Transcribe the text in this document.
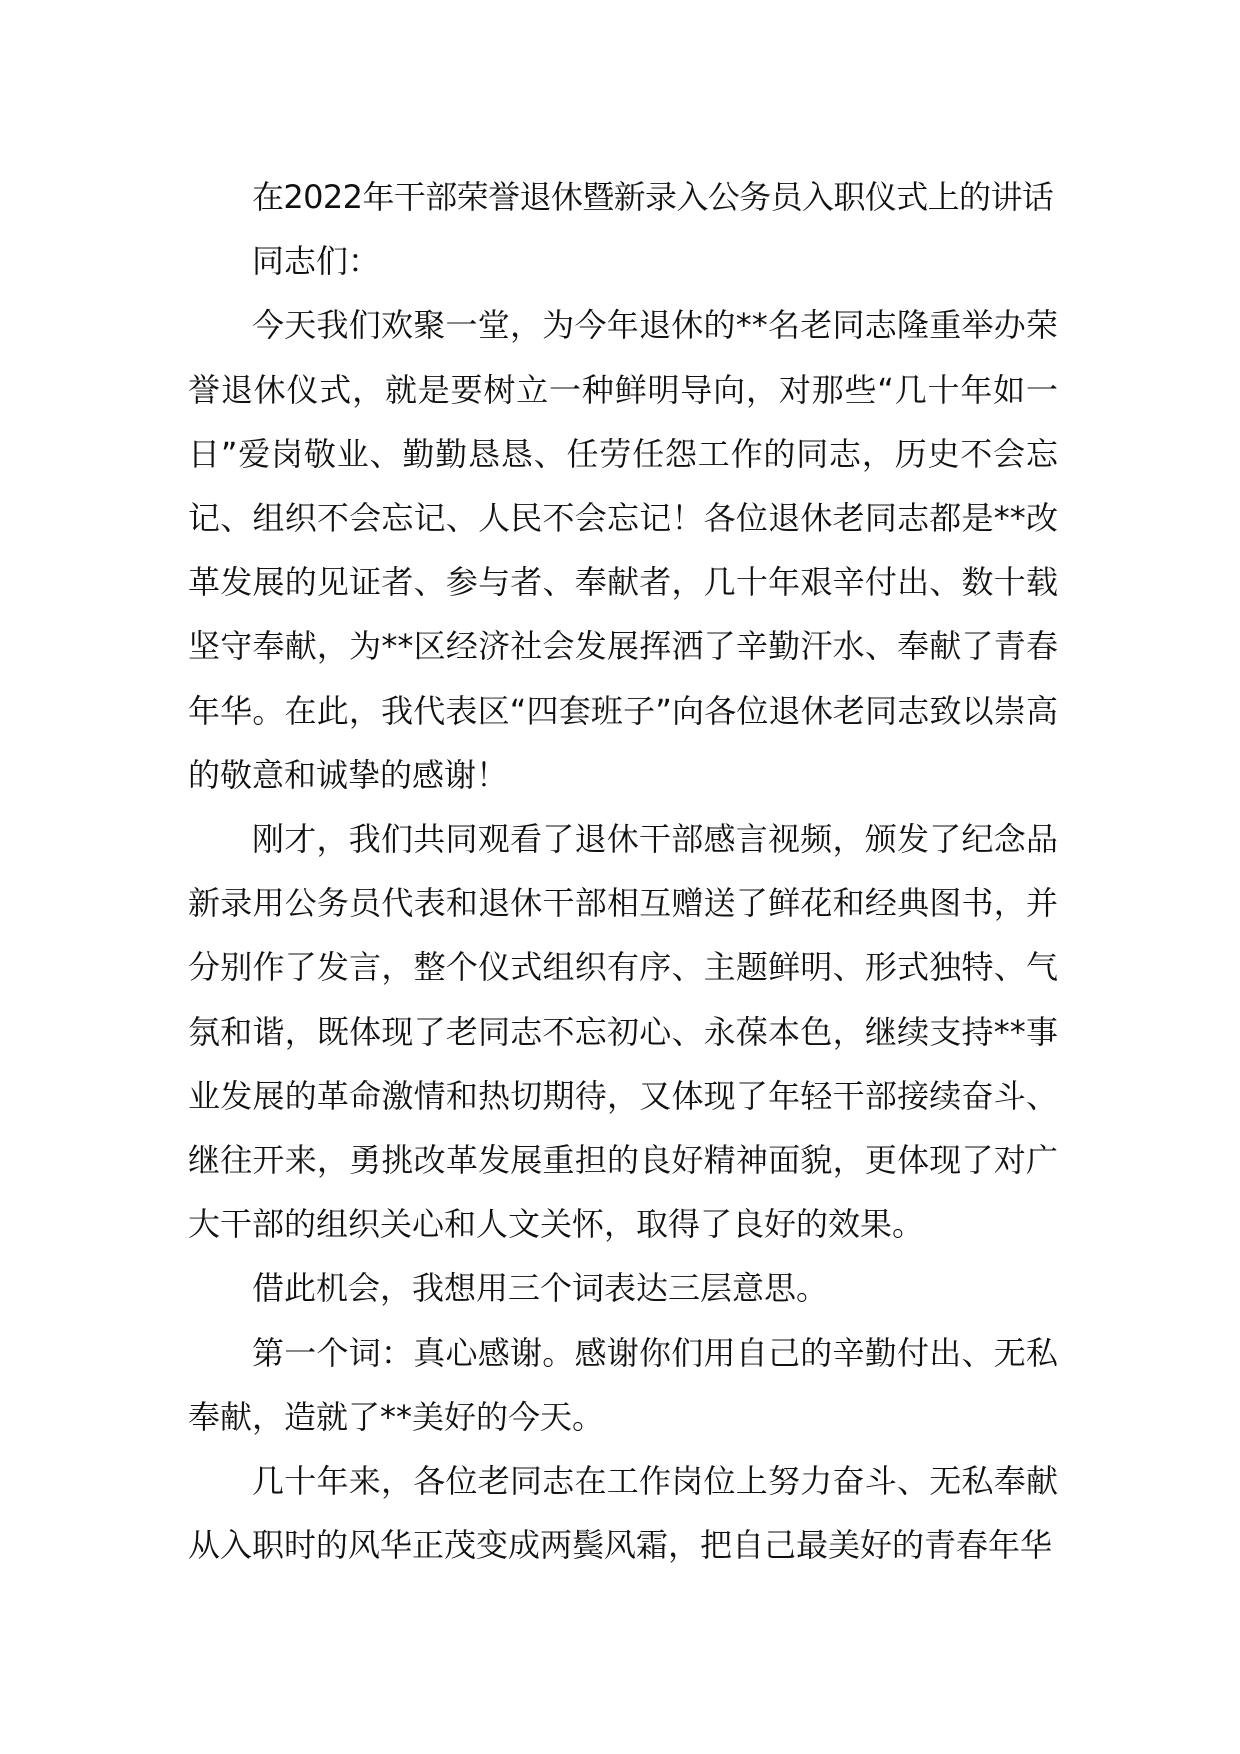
在2022年干部荣誉退休暨新录入公务员入职仪式上的讲话

同志们：

今天我们欢聚一堂，为今年退休的**名老同志隆重举办荣誉退休仪式，就是要树立一种鲜明导向，对那些“几十年如一日”爱岗敬业、勤勤恳恳、任劳任怨工作的同志，历史不会忘记、组织不会忘记、人民不会忘记！各位退休老同志都是**改革发展的见证者、参与者、奉献者，几十年艰辛付出、数十载坚守奉献，为**区经济社会发展挥洒了辛勤汗水、奉献了青春年华。在此，我代表区“四套班子”向各位退休老同志致以崇高的敬意和诚挚的感谢！

刚才，我们共同观看了退休干部感言视频，颁发了纪念品新录用公务员代表和退休干部相互赠送了鲜花和经典图书，并分别作了发言，整个仪式组织有序、主题鲜明、形式独特、气氛和谐，既体现了老同志不忘初心、永葆本色，继续支持**事业发展的革命激情和热切期待，又体现了年轻干部接续奋斗、继往开来，勇挑改革发展重担的良好精神面貌，更体现了对广大干部的组织关心和人文关怀，取得了良好的效果。

借此机会，我想用三个词表达三层意思。

第一个词：真心感谢。感谢你们用自己的辛勤付出、无私奉献，造就了**美好的今天。

几十年来，各位老同志在工作岗位上努力奋斗、无私奉献从入职时的风华正茂变成两鬓风霜，把自己最美好的青春年华
